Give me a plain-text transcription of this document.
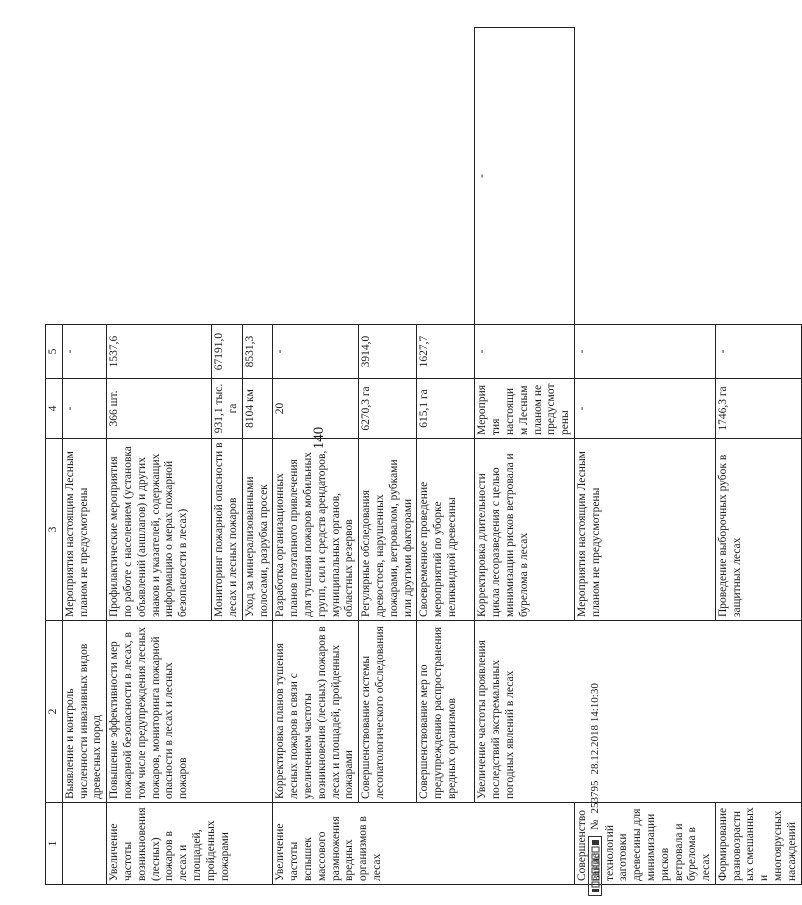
140
1	2	3	4	5	
	Выявление и контроль численности инвазивных видов древесных пород	Мероприятия настоящим Лесным планом не предусмотрены	-	-	
Увеличение частоты возникновения (лесных) пожаров в лесах и площадей, пройденных пожарами	Повышение эффективности мер пожарной безопасности в лесах, в том числе предупреждения лесных пожаров, мониторинга пожарной опасности в лесах и лесных пожаров	Профилактические мероприятия по работе с населением (установка объявлений (аншлагов) и других знаков и указателей, содержащих информацию о мерах пожарной безопасности в лесах)	366 шт.	1537,6	
		Мониторинг пожарной опасности в лесах и лесных пожаров	931,1 тыс. га	67191,0	
		Уход за минерализованными полосами, разрубка просек	8104 км	8531,3	
Увеличение частоты вспышек массового размножения вредных организмов в лесах	Корректировка планов тушения лесных пожаров в связи с увеличением частоты возникновения (лесных) пожаров в лесах и площадей, пройденных пожарами	Разработка организационных планов поэтапного привлечения для тушения пожаров мобильных групп, сил и средств арендаторов, муниципальных органов, областных резервов	20	-	
	Совершенствование системы лесопатологического обследования	Регулярные обследования древостоев, нарушенных пожарами, ветровалом, рубками или другими факторами	6270,3 га	3914,0	
	Совершенствование мер по предупреждению распространения вредных организмов	Своевременное проведение мероприятий по уборке неликвидной древесины	615,1 га	1627,7	
	Увеличение частоты проявления последствий экстремальных погодных явлений в лесах	Корректировка длительности цикла лесоразведения с целью минимизации рисков ветровала и буреломa в лесах	Мероприятия настоящим Лесным планом не предусмотрены	-	-
Совершенствование технологий заготовки древесины для минимизации рисков ветровала и бурелома в лесах		Мероприятия настоящим Лесным планом не предусмотрены	-	-	
Формирование разновозрастных смешанных и многоярусных насаждений		Проведение выборочных рубок в защитных лесах	1746,3 га	-	
№
253795
28.12.2018 14:10:30
